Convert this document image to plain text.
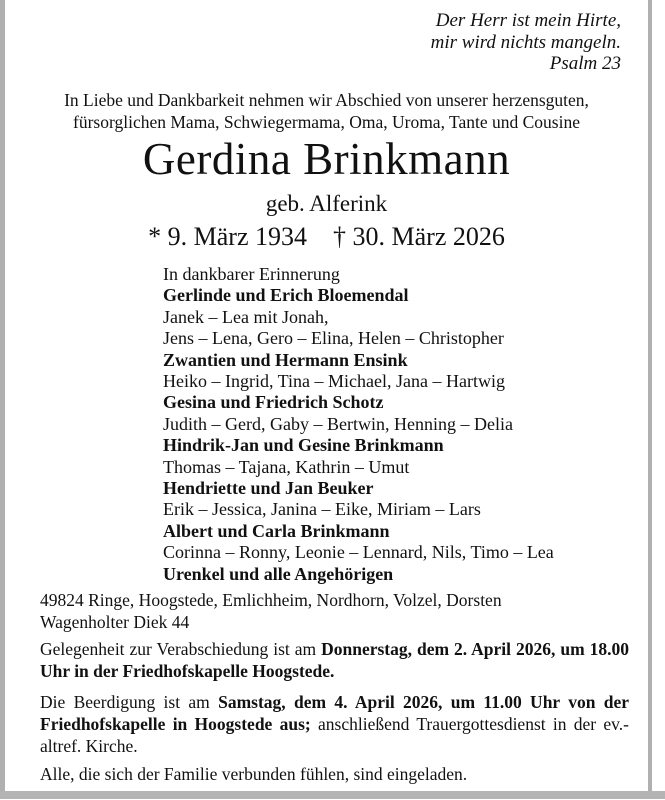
Der Herr ist mein Hirte,
mir wird nichts mangeln.
Psalm 23
In Liebe und Dankbarkeit nehmen wir Abschied von unserer herzensguten,
fürsorglichen Mama, Schwiegermama, Oma, Uroma, Tante und Cousine
Gerdina Brinkmann
geb. Alferink
* 9. März 1934 † 30. März 2026
In dankbarer Erinnerung
Gerlinde und Erich Bloemendal
Janek – Lea mit Jonah,
Jens – Lena, Gero – Elina, Helen – Christopher
Zwantien und Hermann Ensink
Heiko – Ingrid, Tina – Michael, Jana – Hartwig
Gesina und Friedrich Schotz
Judith – Gerd, Gaby – Bertwin, Henning – Delia
Hindrik-Jan und Gesine Brinkmann
Thomas – Tajana, Kathrin – Umut
Hendriette und Jan Beuker
Erik – Jessica, Janina – Eike, Miriam – Lars
Albert und Carla Brinkmann
Corinna – Ronny, Leonie – Lennard, Nils, Timo – Lea
Urenkel und alle Angehörigen
49824 Ringe, Hoogstede, Emlichheim, Nordhorn, Volzel, Dorsten
Wagenholter Diek 44

Gelegenheit zur Verabschiedung ist am Donnerstag, dem 2. April 2026, um 18.00 Uhr in der Friedhofskapelle Hoogstede.

Die Beerdigung ist am Samstag, dem 4. April 2026, um 11.00 Uhr von der Friedhofskapelle in Hoogstede aus; anschließend Trauergottesdienst in der ev.-altref. Kirche.

Alle, die sich der Familie verbunden fühlen, sind eingeladen.
